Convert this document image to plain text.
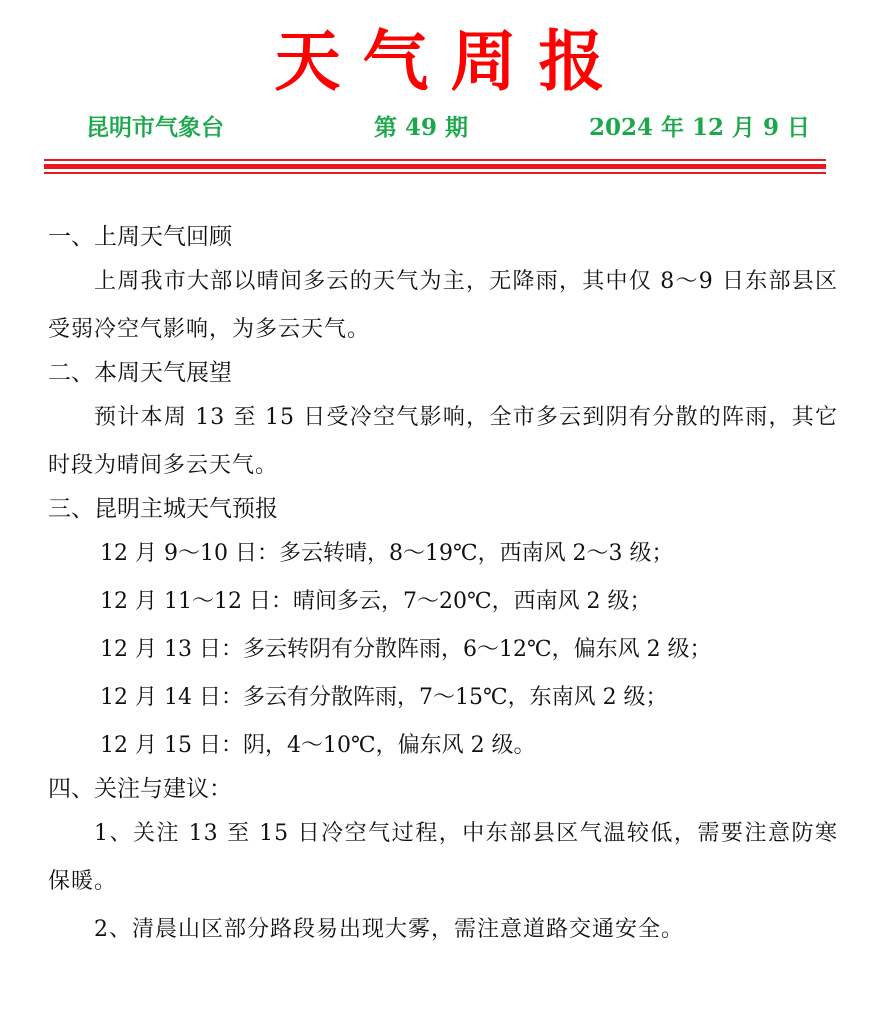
天气周报
昆明市气象台	第 49 期	2024 年 12 月 9 日
一、上周天气回顾

上周我市大部以晴间多云的天气为主，无降雨，其中仅 8～9 日东部县区受弱冷空气影响，为多云天气。

二、本周天气展望

预计本周 13 至 15 日受冷空气影响，全市多云到阴有分散的阵雨，其它时段为晴间多云天气。

三、昆明主城天气预报

12 月 9～10 日：多云转晴，8～19℃，西南风 2～3 级；

12 月 11～12 日：晴间多云，7～20℃，西南风 2 级；

12 月 13 日：多云转阴有分散阵雨，6～12℃，偏东风 2 级；

12 月 14 日：多云有分散阵雨，7～15℃，东南风 2 级；

12 月 15 日：阴，4～10℃，偏东风 2 级。

四、关注与建议：

1、关注 13 至 15 日冷空气过程，中东部县区气温较低，需要注意防寒保暖。

2、清晨山区部分路段易出现大雾，需注意道路交通安全。
